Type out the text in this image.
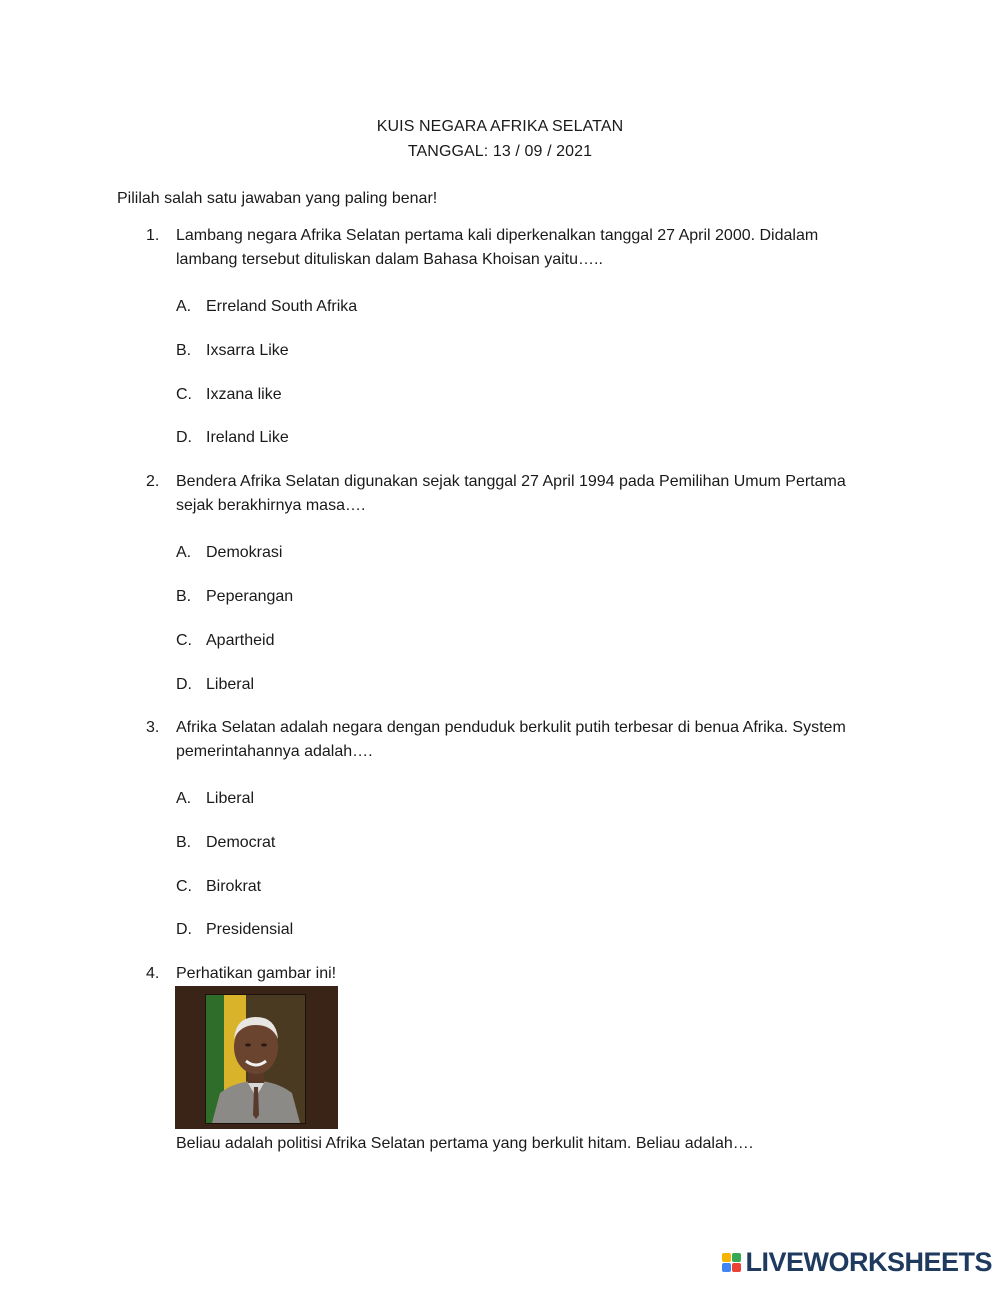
KUIS NEGARA AFRIKA SELATAN
TANGGAL: 13 / 09 / 2021
Pililah salah satu jawaban yang paling benar!
1. Lambang negara Afrika Selatan pertama kali diperkenalkan tanggal 27 April 2000. Didalam lambang tersebut dituliskan dalam Bahasa Khoisan yaitu…..
A. Erreland South Afrika
B. Ixsarra Like
C. Ixzana like
D. Ireland Like
2. Bendera Afrika Selatan digunakan sejak tanggal 27 April 1994 pada Pemilihan Umum Pertama sejak berakhirnya masa….
A. Demokrasi
B. Peperangan
C. Apartheid
D. Liberal
3. Afrika Selatan adalah negara dengan penduduk berkulit putih terbesar di benua Afrika. System pemerintahannya adalah….
A. Liberal
B. Democrat
C. Birokrat
D. Presidensial
4. Perhatikan gambar ini!
Beliau adalah politisi Afrika Selatan pertama yang berkulit hitam. Beliau adalah….
LIVEWORKSHEETS
